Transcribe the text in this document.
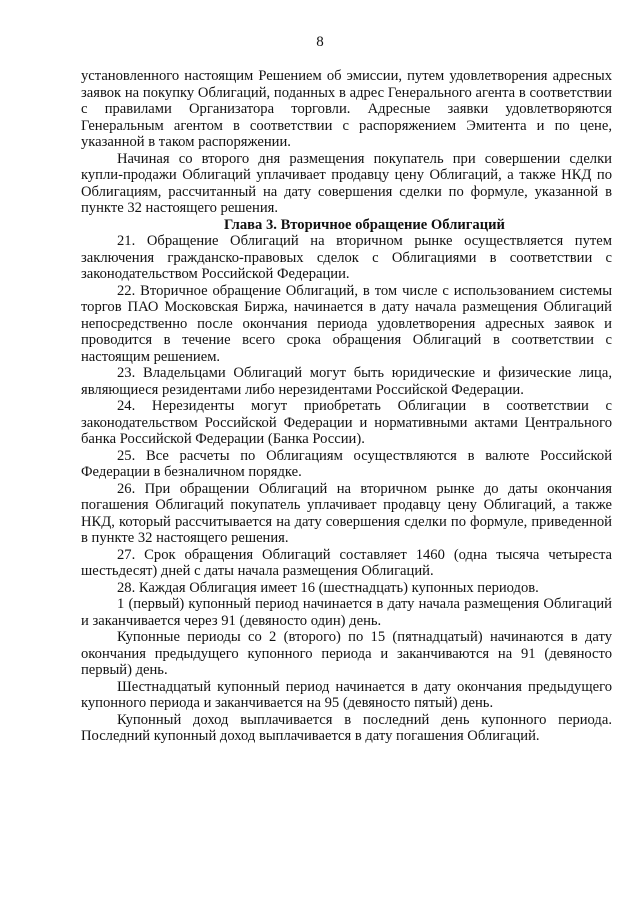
8

установленного настоящим Решением об эмиссии, путем удовлетворения адресных заявок на покупку Облигаций, поданных в адрес Генерального агента в соответствии с правилами Организатора торговли. Адресные заявки удовлетворяются Генеральным агентом в соответствии с распоряжением Эмитента и по цене, указанной в таком распоряжении.

Начиная со второго дня размещения покупатель при совершении сделки купли-продажи Облигаций уплачивает продавцу цену Облигаций, а также НКД по Облигациям, рассчитанный на дату совершения сделки по формуле, указанной в пункте 32 настоящего решения.

Глава 3. Вторичное обращение Облигаций

21. Обращение Облигаций на вторичном рынке осуществляется путем заключения гражданско-правовых сделок с Облигациями в соответствии с законодательством Российской Федерации.

22. Вторичное обращение Облигаций, в том числе с использованием системы торгов ПАО Московская Биржа, начинается в дату начала размещения Облигаций непосредственно после окончания периода удовлетворения адресных заявок и проводится в течение всего срока обращения Облигаций в соответствии с настоящим решением.

23. Владельцами Облигаций могут быть юридические и физические лица, являющиеся резидентами либо нерезидентами Российской Федерации.

24. Нерезиденты могут приобретать Облигации в соответствии с законодательством Российской Федерации и нормативными актами Центрального банка Российской Федерации (Банка России).

25. Все расчеты по Облигациям осуществляются в валюте Российской Федерации в безналичном порядке.

26. При обращении Облигаций на вторичном рынке до даты окончания погашения Облигаций покупатель уплачивает продавцу цену Облигаций, а также НКД, который рассчитывается на дату совершения сделки по формуле, приведенной в пункте 32 настоящего решения.

27. Срок обращения Облигаций составляет 1460 (одна тысяча четыреста шестьдесят) дней с даты начала размещения Облигаций.

28. Каждая Облигация имеет 16 (шестнадцать) купонных периодов.

1 (первый) купонный период начинается в дату начала размещения Облигаций и заканчивается через 91 (девяносто один) день.

Купонные периоды со 2 (второго) по 15 (пятнадцатый) начинаются в дату окончания предыдущего купонного периода и заканчиваются на 91 (девяносто первый) день.

Шестнадцатый купонный период начинается в дату окончания предыдущего купонного периода и заканчивается на 95 (девяносто пятый) день.

Купонный доход выплачивается в последний день купонного периода. Последний купонный доход выплачивается в дату погашения Облигаций.
